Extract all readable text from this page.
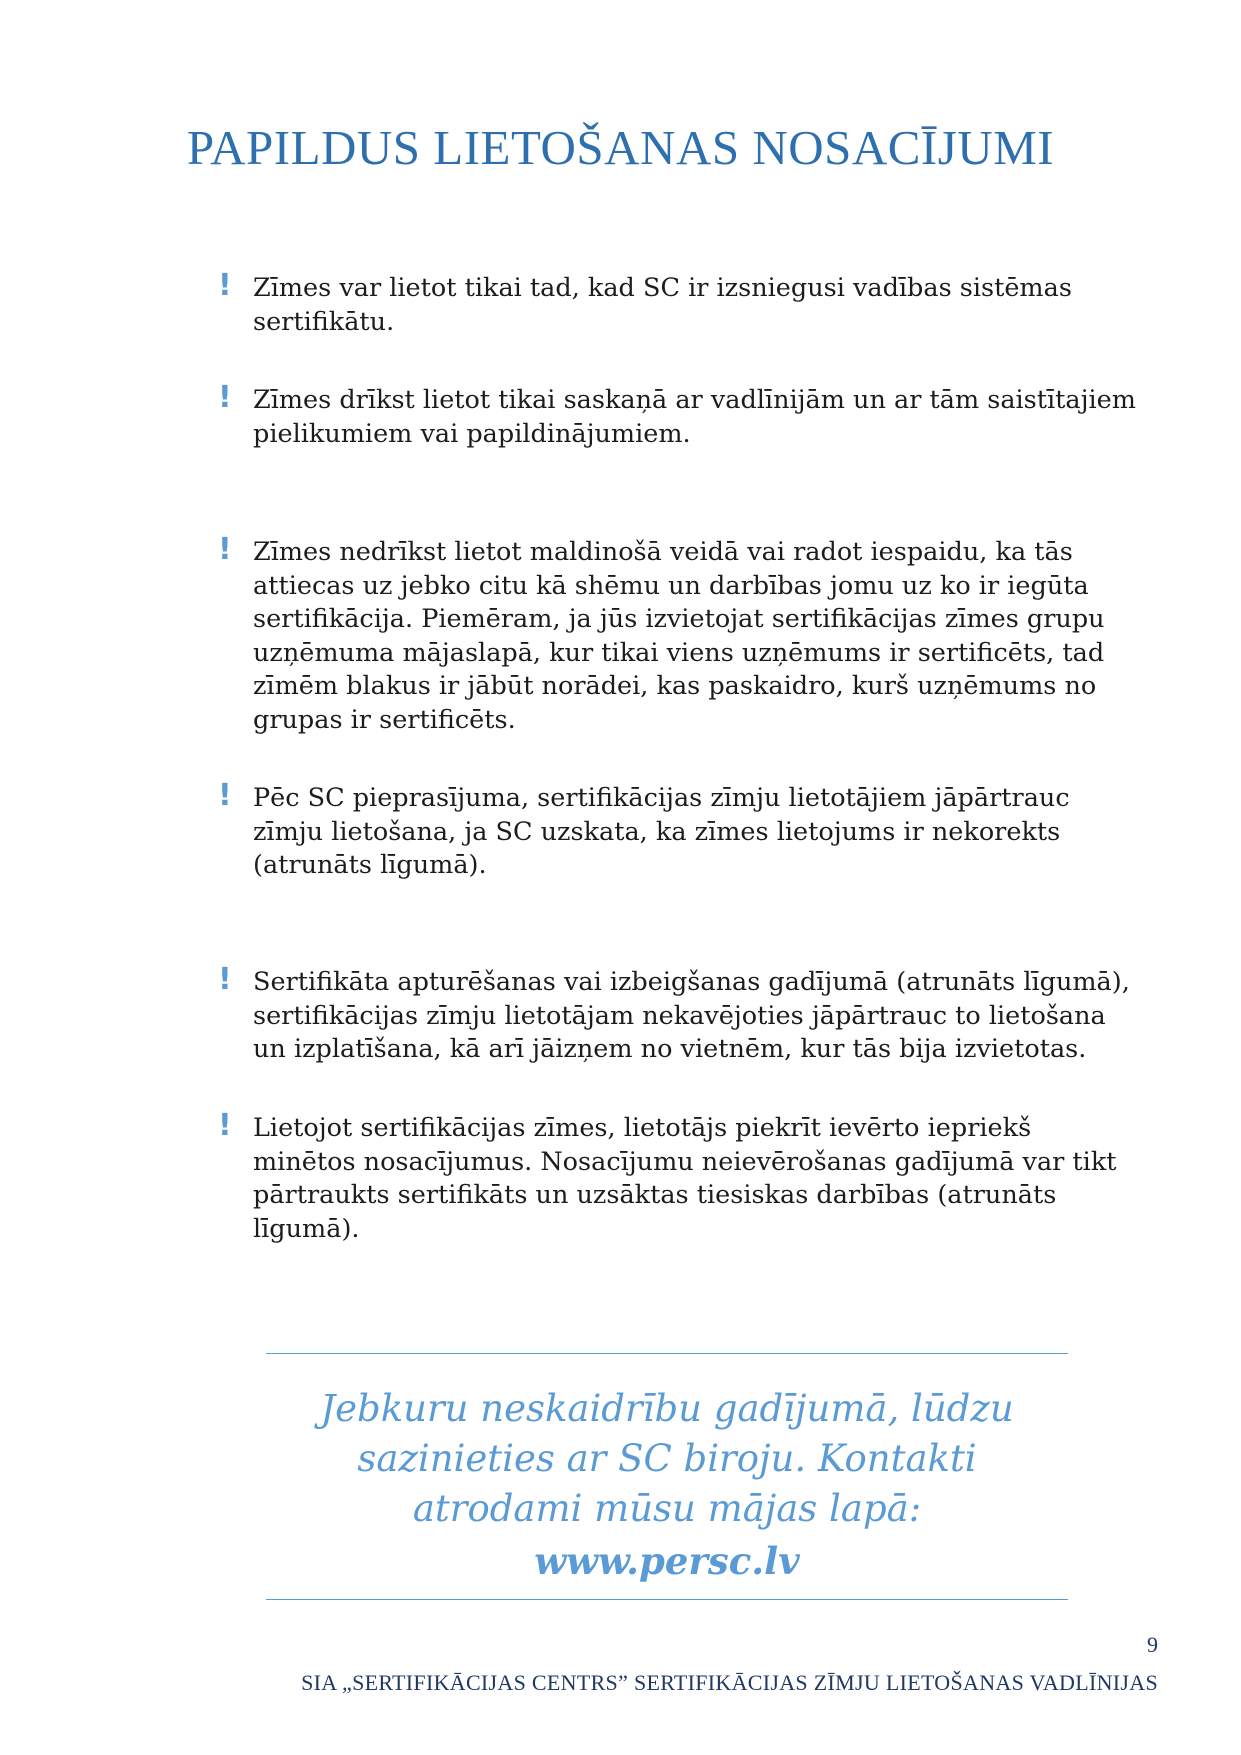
PAPILDUS LIETOŠANAS NOSACĪJUMI
! Zīmes var lietot tikai tad, kad SC ir izsniegusi vadības sistēmas sertifikātu.

! Zīmes drīkst lietot tikai saskaņā ar vadlīnijām un ar tām saistītajiem pielikumiem vai papildinājumiem.

! Zīmes nedrīkst lietot maldinošā veidā vai radot iespaidu, ka tās attiecas uz jebko citu kā shēmu un darbības jomu uz ko ir iegūta sertifikācija. Piemēram, ja jūs izvietojat sertifikācijas zīmes grupu uzņēmuma mājaslapā, kur tikai viens uzņēmums ir sertificēts, tad zīmēm blakus ir jābūt norādei, kas paskaidro, kurš uzņēmums no grupas ir sertificēts.

! Pēc SC pieprasījuma, sertifikācijas zīmju lietotājiem jāpārtrauc zīmju lietošana, ja SC uzskata, ka zīmes lietojums ir nekorekts (atrunāts līgumā).

! Sertifikāta apturēšanas vai izbeigšanas gadījumā (atrunāts līgumā), sertifikācijas zīmju lietotājam nekavējoties jāpārtrauc to lietošana un izplatīšana, kā arī jāizņem no vietnēm, kur tās bija izvietotas.

! Lietojot sertifikācijas zīmes, lietotājs piekrīt ievērto iepriekš minētos nosacījumus. Nosacījumu neievērošanas gadījumā var tikt pārtraukts sertifikāts un uzsāktas tiesiskas darbības (atrunāts līgumā).

Jebkuru neskaidrību gadījumā, lūdzu
sazinieties ar SC biroju. Kontakti
atrodami mūsu mājas lapā:
www.persc.lv
9
SIA „SERTIFIKĀCIJAS CENTRS” SERTIFIKĀCIJAS ZĪMJU LIETOŠANAS VADLĪNIJAS
